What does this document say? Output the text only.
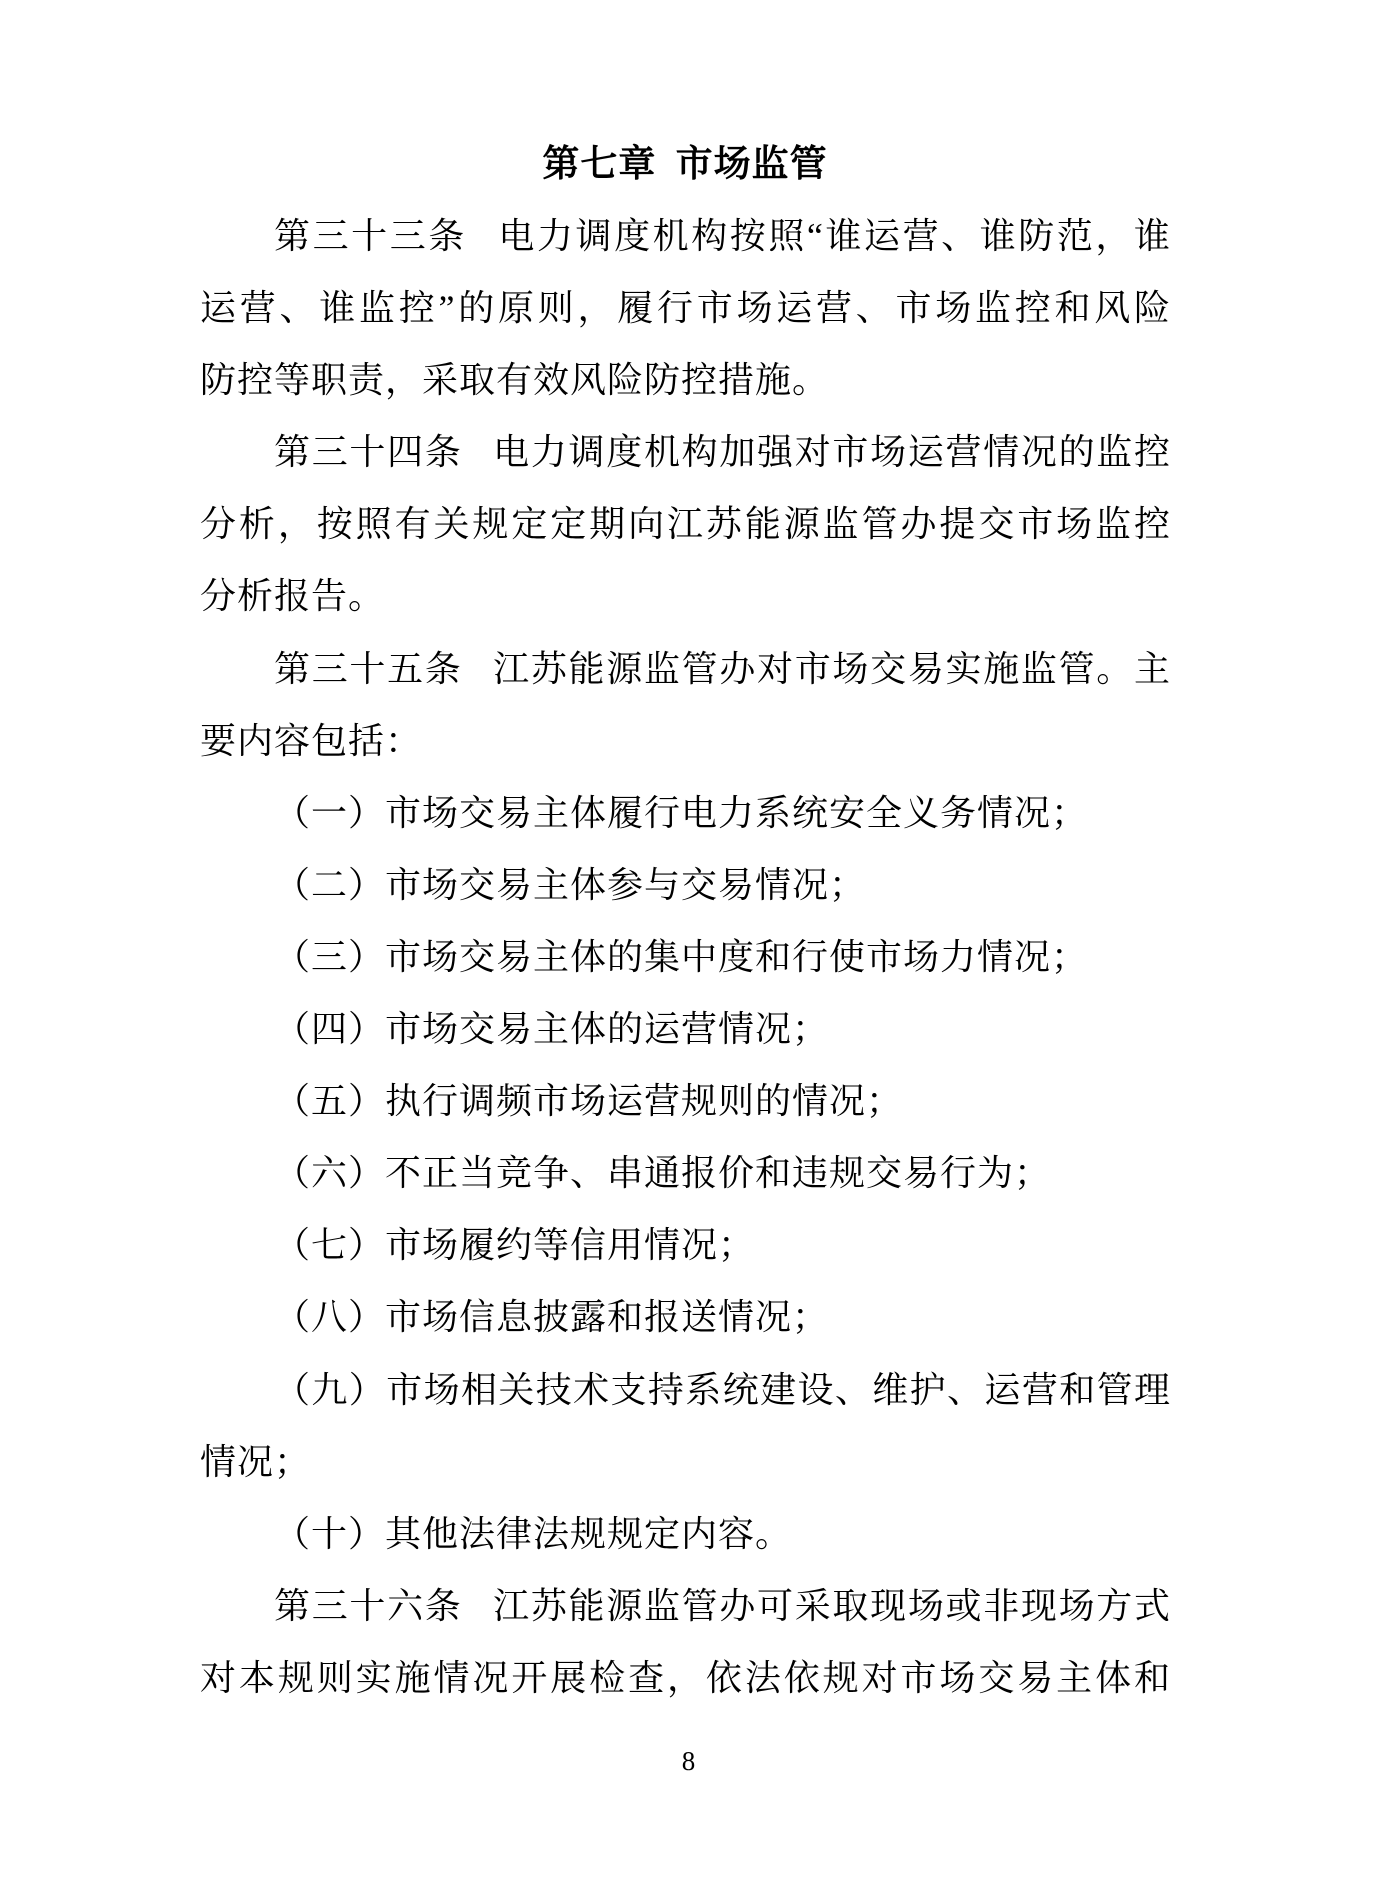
第七章 市场监管
第三十三条 电力调度机构按照“谁运营、谁防范，谁
运营、谁监控”的原则，履行市场运营、市场监控和风险
防控等职责，采取有效风险防控措施。
第三十四条 电力调度机构加强对市场运营情况的监控
分析，按照有关规定定期向江苏能源监管办提交市场监控
分析报告。
第三十五条 江苏能源监管办对市场交易实施监管。主
要内容包括：
（一）市场交易主体履行电力系统安全义务情况；
（二）市场交易主体参与交易情况；
（三）市场交易主体的集中度和行使市场力情况；
（四）市场交易主体的运营情况；
（五）执行调频市场运营规则的情况；
（六）不正当竞争、串通报价和违规交易行为；
（七）市场履约等信用情况；
（八）市场信息披露和报送情况；
（九）市场相关技术支持系统建设、维护、运营和管理
情况；
（十）其他法律法规规定内容。
第三十六条 江苏能源监管办可采取现场或非现场方式
对本规则实施情况开展检查，依法依规对市场交易主体和
8
